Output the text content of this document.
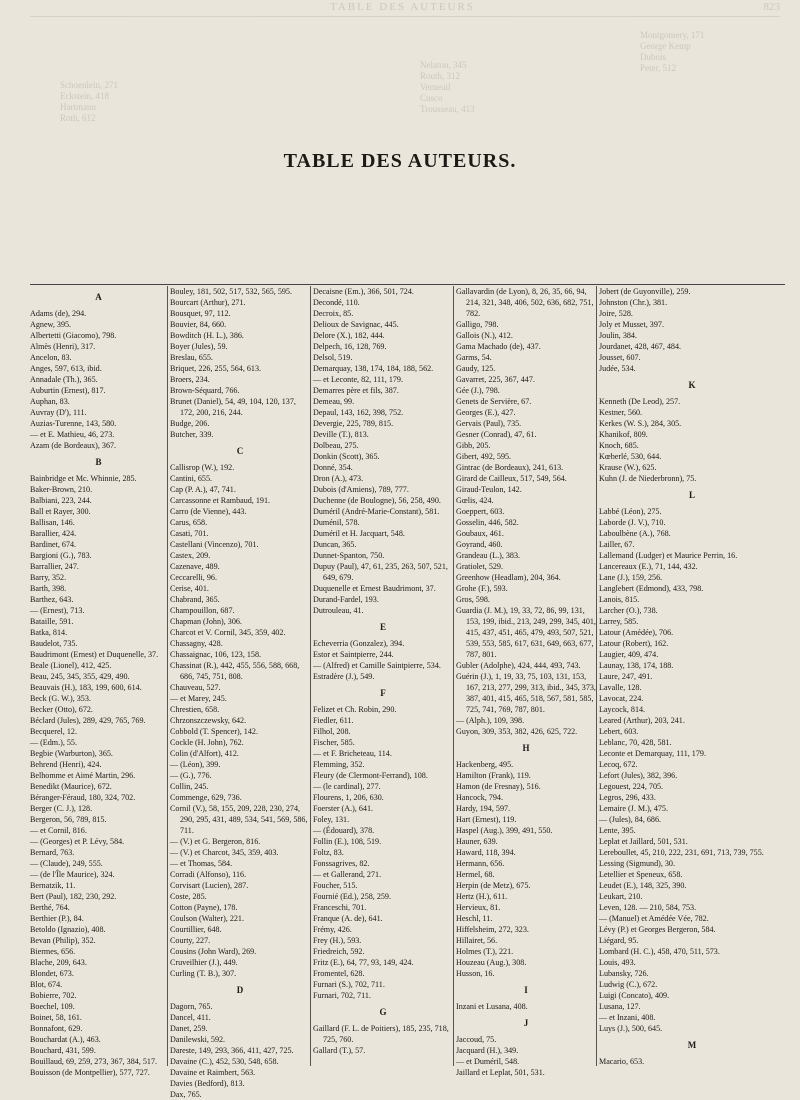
TABLE DES AUTEURS	823
Schoenlein, 271
Eckstein, 418
Hartmann
Roth, 612
Nelaton, 345
Routh, 312
Verneuil
Cusco
Trousseau, 413
Montgomery, 171
George Kemp
Dubois
Peter, 512
TABLE DES AUTEURS.
A
Adams (de), 294.
Agnew, 395.
Albertetti (Giacomo), 798.
Almès (Henri), 317.
Ancelon, 83.
Anges, 597, 613, ibid.
Annadale (Th.), 365.
Auburtin (Ernest), 817.
Auphan, 83.
Auvray (D'), 111.
Auzias-Turenne, 143, 580.
— et E. Mathieu, 46, 273.
Azam (de Bordeaux), 367.
B
Bainbridge et Mc. Whinnie, 285.
Baker-Brown, 210.
Balbiani, 223, 244.
Ball et Rayer, 300.
Ballisan, 146.
Barallier, 424.
Bardinet, 674.
Bargioni (G.), 783.
Barrallier, 247.
Barry, 352.
Barth, 398.
Barthez, 643.
— (Ernest), 713.
Bataille, 591.
Batka, 814.
Baudelot, 735.
Baudrimont (Ernest) et Duquenelle, 37.
Beale (Lionel), 412, 425.
Beau, 245, 345, 355, 429, 490.
Beauvais (H.), 183, 199, 600, 614.
Beck (G. W.), 353.
Becker (Otto), 672.
Béclard (Jules), 289, 429, 765, 769.
Becquerel, 12.
— (Edm.), 55.
Begbie (Warburton), 365.
Behrend (Henri), 424.
Belhomme et Aimé Martin, 296.
Benedikt (Maurice), 672.
Béranger-Féraud, 180, 324, 702.
Berger (C. J.), 128.
Bergeron, 56, 789, 815.
— et Cornil, 816.
— (Georges) et P. Lévy, 584.
Bernard, 763.
— (Claude), 249, 555.
— (de l'Île Maurice), 324.
Bernatzik, 11.
Bert (Paul), 182, 230, 292.
Berthé, 764.
Berthier (P.), 84.
Betoldo (Ignazio), 408.
Bevan (Philip), 352.
Biermes, 656.
Blache, 209, 643.
Blondet, 673.
Blot, 674.
Bobierre, 702.
Boechel, 109.
Boinet, 58, 161.
Bonnafont, 629.
Bouchardat (A.), 463.
Bouchard, 431, 599.
Bouillaud, 69, 259, 273, 367, 384, 517.
Bouisson (de Montpellier), 577, 727.
Bouley, 181, 502, 517, 532, 565, 595.
Bourcart (Arthur), 271.
Bousquet, 97, 112.
Bouvier, 84, 660.
Bowditch (H. L.), 386.
Boyer (Jules), 59.
Breslau, 655.
Briquet, 226, 255, 564, 613.
Broers, 234.
Brown-Séquard, 766.
Brunet (Daniel), 54, 49, 104, 120, 137, 172, 200, 216, 244.
Budge, 206.
Butcher, 339.
C
Callisrop (W.), 192.
Cantini, 655.
Cap (P. A.), 47, 741.
Carcassonne et Rambaud, 191.
Carro (de Vienne), 443.
Carus, 658.
Casati, 701.
Castellani (Vincenzo), 701.
Castex, 209.
Cazenave, 489.
Ceccarelli, 96.
Cerise, 401.
Chabrand, 365.
Champouillon, 687.
Chapman (John), 306.
Charcot et V. Cornil, 345, 359, 402.
Chassagny, 428.
Chassaignac, 106, 123, 158.
Chassinat (R.), 442, 455, 556, 588, 668, 686, 745, 751, 808.
Chauveau, 527.
— et Marey, 245.
Chrestien, 658.
Chrzonszczewsky, 642.
Cobbold (T. Spencer), 142.
Cockle (H. John), 762.
Colin (d'Alfort), 412.
— (Léon), 399.
— (G.), 776.
Collin, 245.
Commenge, 629, 736.
Cornil (V.), 58, 155, 209, 228, 230, 274, 290, 295, 431, 489, 534, 541, 569, 586, 711.
— (V.) et G. Bergeron, 816.
— (V.) et Charcot, 345, 359, 403.
— et Thomas, 584.
Corradi (Alfonso), 116.
Corvisart (Lucien), 287.
Coste, 285.
Cotton (Payne), 178.
Coulson (Walter), 221.
Courtillier, 648.
Courty, 227.
Cousins (John Ward), 269.
Cruveilhier (J.), 449.
Curling (T. B.), 307.
D
Dagorn, 765.
Dancel, 411.
Danet, 259.
Danilewski, 592.
Dareste, 149, 293, 366, 411, 427, 725.
Davaine (C.), 452, 530, 548, 658.
Davaine et Raimbert, 563.
Davies (Bedford), 813.
Dax, 765.
Decaisne (Em.), 366, 501, 724.
Decondé, 110.
Decroix, 85.
Delioux de Savignac, 445.
Delore (X.), 182, 444.
Delpech, 16, 128, 769.
Delsol, 519.
Demarquay, 138, 174, 184, 188, 562.
— et Leconte, 82, 111, 179.
Demarres père et fils, 387.
Demeau, 99.
Depaul, 143, 162, 398, 752.
Devergie, 225, 789, 815.
Deville (T.), 813.
Dolbeau, 275.
Donkin (Scott), 365.
Donné, 354.
Dron (A.), 473.
Dubois (d'Amiens), 789, 777.
Duchenne (de Boulogne), 56, 258, 490.
Duméril (André-Marie-Constant), 581.
Duménil, 578.
Duméril et H. Jacquart, 548.
Duncan, 365.
Dunnet-Spanton, 750.
Dupuy (Paul), 47, 61, 235, 263, 507, 521, 649, 679.
Duquenelle et Ernest Baudrimont, 37.
Durand-Fardel, 193.
Dutrouleau, 41.
E
Echeverria (Gonzalez), 394.
Estor et Saintpierre, 244.
— (Alfred) et Camille Saintpierre, 534.
Estradère (J.), 549.
F
Felizet et Ch. Robin, 290.
Fiedler, 611.
Filhol, 208.
Fischer, 585.
— et F. Bricheteau, 114.
Flemming, 352.
Fleury (de Clermont-Ferrand), 108.
— (le cardinal), 277.
Flourens, 1, 206, 630.
Foerster (A.), 641.
Foley, 131.
— (Édouard), 378.
Follin (E.), 108, 519.
Foltz, 83.
Fonssagrives, 82.
— et Gallerand, 271.
Foucher, 515.
Fournié (Ed.), 258, 259.
Franceschi, 701.
Franque (A. de), 641.
Frémy, 426.
Frey (H.), 593.
Friedreich, 592.
Fritz (E.), 64, 77, 93, 149, 424.
Fromentel, 628.
Furnari (S.), 702, 711.
Furnari, 702, 711.
G
Gaillard (F. L. de Poitiers), 185, 235, 718, 725, 760.
Gallard (T.), 57.
Gallavardin (de Lyon), 8, 26, 35, 66, 94, 214, 321, 348, 406, 502, 636, 682, 751, 782.
Galligo, 798.
Gallois (N.), 412.
Gama Machado (de), 437.
Garms, 54.
Gaudy, 125.
Gavarret, 225, 367, 447.
Gée (J.), 798.
Genets de Servière, 67.
Georges (E.), 427.
Gervais (Paul), 735.
Gesner (Conrad), 47, 61.
Gibb, 205.
Gibert, 492, 595.
Gintrac (de Bordeaux), 241, 613.
Girard de Cailleux, 517, 549, 564.
Giraud-Teulon, 142.
Gœlis, 424.
Goeppert, 603.
Gosselin, 446, 582.
Goubaux, 461.
Goyrand, 460.
Grandeau (L.), 383.
Gratiolet, 529.
Greenhow (Headlam), 204, 364.
Grohe (F.), 593.
Gros, 598.
Guardia (J. M.), 19, 33, 72, 86, 99, 131, 153, 199, ibid., 213, 249, 299, 345, 401, 415, 437, 451, 465, 479, 493, 507, 521, 539, 553, 585, 617, 631, 649, 663, 677, 787, 801.
Gubler (Adolphe), 424, 444, 493, 743.
Guérin (J.), 1, 19, 33, 75, 103, 131, 153, 167, 213, 277, 299, 313, ibid., 345, 373, 387, 401, 415, 465, 518, 567, 581, 585, 725, 741, 769, 787, 801.
— (Alph.), 109, 398.
Guyon, 309, 353, 382, 426, 625, 722.
H
Hackenberg, 495.
Hamilton (Frank), 119.
Hamon (de Fresnay), 516.
Hancock, 794.
Hardy, 194, 597.
Hart (Ernest), 119.
Haspel (Aug.), 399, 491, 550.
Hauner, 639.
Haward, 118, 394.
Hermann, 656.
Hermel, 68.
Herpin (de Metz), 675.
Hertz (H.), 611.
Hervieux, 81.
Heschl, 11.
Hiffelsheim, 272, 323.
Hillairet, 56.
Holmes (T.), 221.
Houzeau (Aug.), 308.
Husson, 16.
I
Inzani et Lusana, 408.
J
Jaccoud, 75.
Jacquard (H.), 349.
— et Duméril, 548.
Jaillard et Leplat, 501, 531.
Jobert (de Guyonville), 259.
Johnston (Chr.), 381.
Joire, 528.
Joly et Musset, 397.
Joulin, 384.
Jourdanet, 428, 467, 484.
Jousset, 607.
Judée, 534.
K
Kenneth (De Leod), 257.
Kestner, 560.
Kerkes (W. S.), 284, 305.
Khanikof, 809.
Knoch, 685.
Kœberlé, 530, 644.
Krause (W.), 625.
Kuhn (J. de Niederbronn), 75.
L
Labbé (Léon), 275.
Laborde (J. V.), 710.
Laboulbène (A.), 768.
Lailler, 67.
Lallemand (Ludger) et Maurice Perrin, 16.
Lancereaux (E.), 71, 144, 432.
Lane (J.), 159, 256.
Langlebert (Edmond), 433, 798.
Lanois, 815.
Larcher (O.), 738.
Larrey, 585.
Latour (Amédée), 706.
Latour (Robert), 162.
Laugier, 409, 474.
Launay, 138, 174, 188.
Laure, 247, 491.
Lavalle, 128.
Lavocat, 224.
Laycock, 814.
Leared (Arthur), 203, 241.
Lebert, 603.
Leblanc, 70, 428, 581.
Leconte et Demarquay, 111, 179.
Lecoq, 672.
Lefort (Jules), 382, 396.
Legouest, 224, 705.
Legros, 296, 433.
Lemaire (J. M.), 475.
— (Jules), 84, 686.
Lente, 395.
Leplat et Jaillard, 501, 531.
Lereboullet, 45, 210, 222, 231, 691, 713, 739, 755.
Lessing (Sigmund), 30.
Letellier et Speneux, 658.
Leudet (E.), 148, 325, 390.
Leukart, 210.
Leven, 128. — 210, 584, 753.
— (Manuel) et Amédée Vée, 782.
Lévy (P.) et Georges Bergeron, 584.
Liégard, 95.
Lombard (H. C.), 458, 470, 511, 573.
Louis, 493.
Lubansky, 726.
Ludwig (C.), 672.
Luigi (Concato), 409.
Lusana, 127.
— et Inzani, 408.
Luys (J.), 500, 645.
M
Macario, 653.
